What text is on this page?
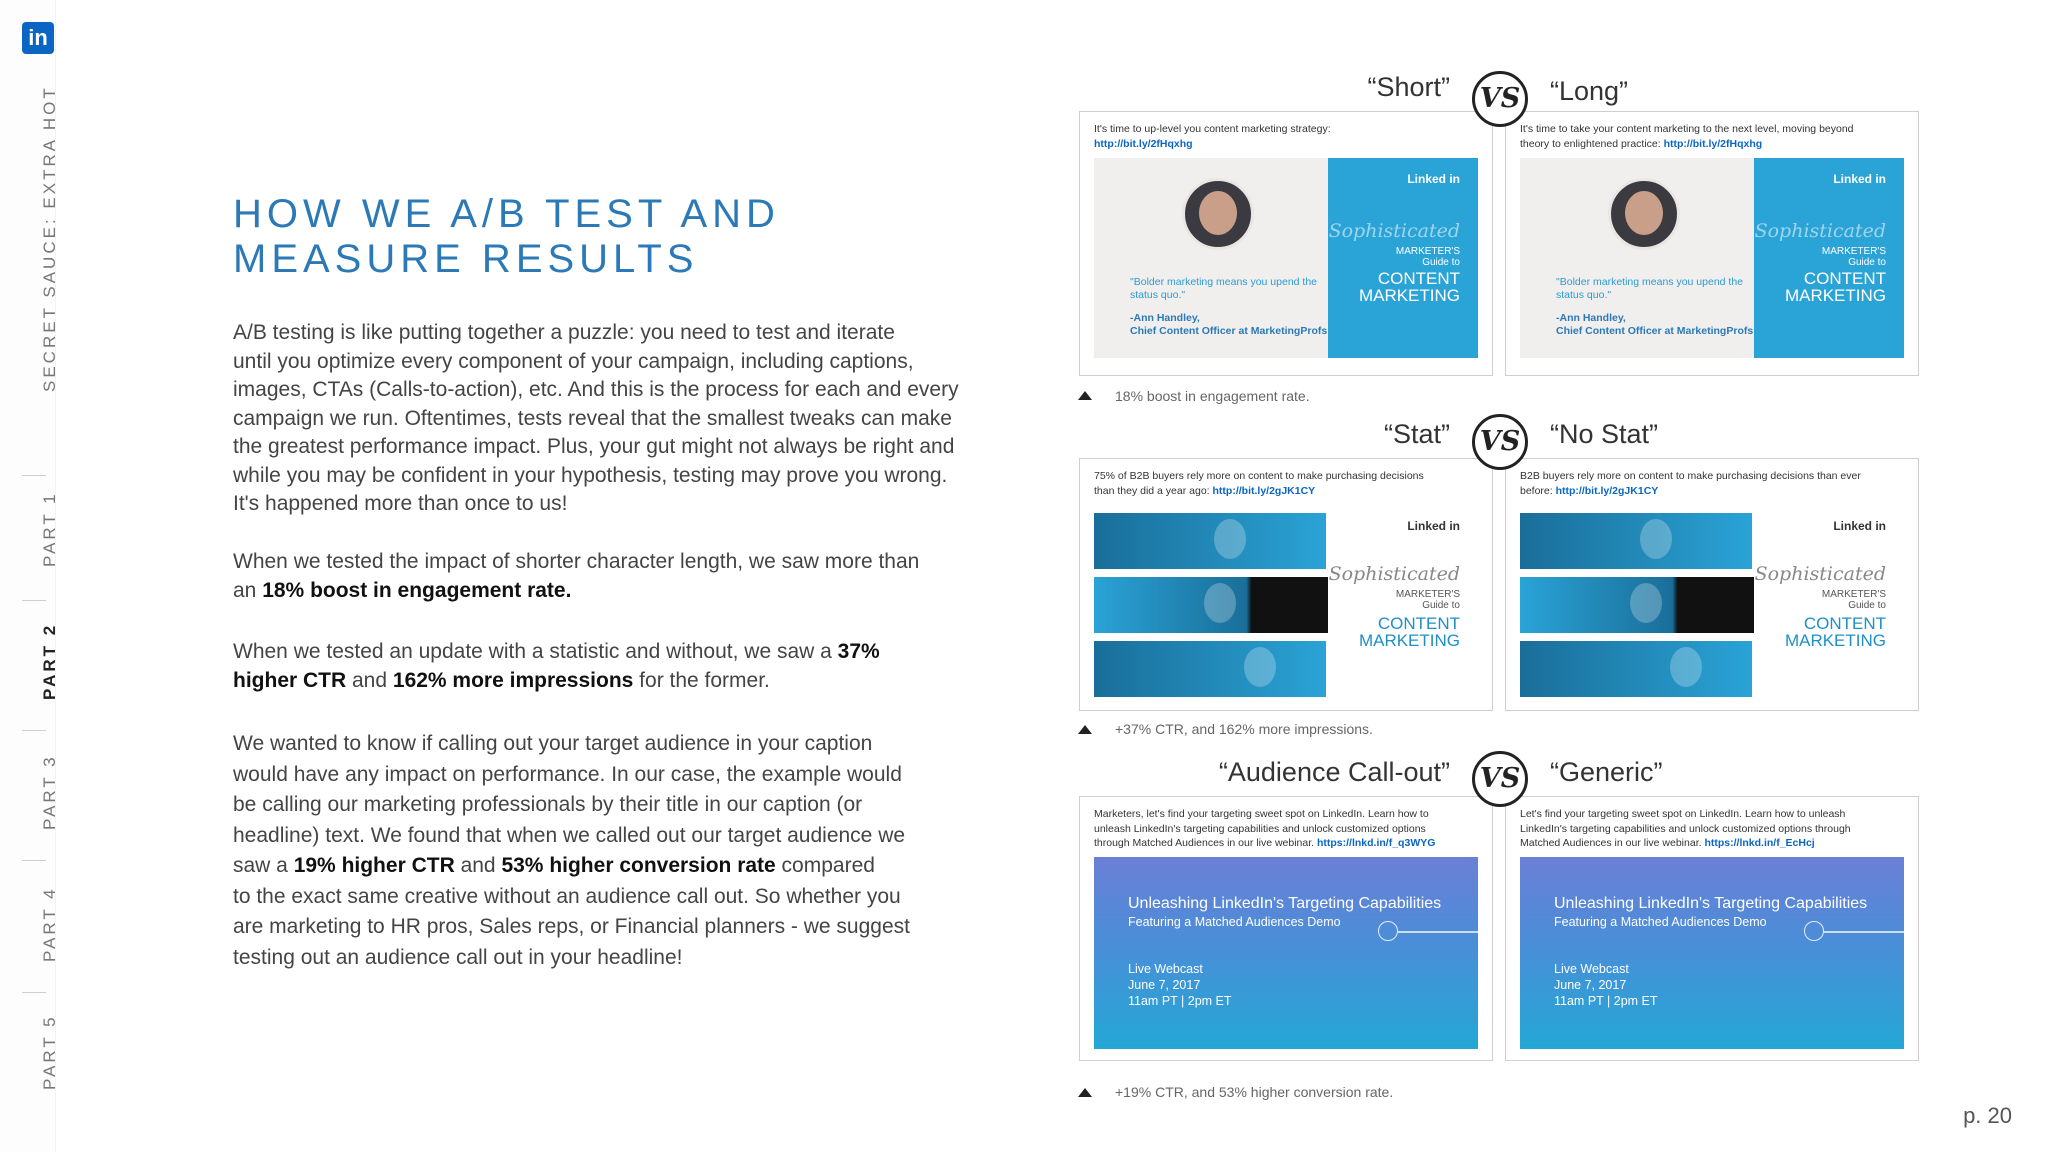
in
SECRET SAUCE: EXTRA HOT
PART 1
PART 2
PART 3
PART 4
PART 5
HOW WE A/B TEST AND
MEASURE RESULTS
A/B testing is like putting together a puzzle: you need to test and iterate
until you optimize every component of your campaign, including captions,
images, CTAs (Calls-to-action), etc. And this is the process for each and every
campaign we run. Oftentimes, tests reveal that the smallest tweaks can make
the greatest performance impact. Plus, your gut might not always be right and
while you may be confident in your hypothesis, testing may prove you wrong.
It's happened more than once to us!
When we tested the impact of shorter character length, we saw more than
an 18% boost in engagement rate.
When we tested an update with a statistic and without, we saw a 37%
higher CTR and 162% more impressions for the former.
We wanted to know if calling out your target audience in your caption
would have any impact on performance. In our case, the example would
be calling our marketing professionals by their title in our caption (or
headline) text. We found that when we called out our target audience we
saw a 19% higher CTR and 53% higher conversion rate compared
to the exact same creative without an audience call out. So whether you
are marketing to HR pros, Sales reps, or Financial planners - we suggest
testing out an audience call out in your headline!
“Short” VS “Long”
It's time to up-level you content marketing strategy:
http://bit.ly/2fHqxhg
"Bolder marketing means you upend the status quo."
-Ann Handley,
Chief Content Officer at MarketingProfs
Linked in
Sophisticated
MARKETER'S
Guide to
CONTENT
MARKETING
It's time to take your content marketing to the next level, moving beyond
theory to enlightened practice: http://bit.ly/2fHqxhg
"Bolder marketing means you upend the status quo."
-Ann Handley,
Chief Content Officer at MarketingProfs
Linked in
Sophisticated
MARKETER'S
Guide to
CONTENT
MARKETING
18% boost in engagement rate.
“Stat” VS “No Stat”
75% of B2B buyers rely more on content to make purchasing decisions
than they did a year ago: http://bit.ly/2gJK1CY
Linked in
Sophisticated
MARKETER'S
Guide to
CONTENT
MARKETING
B2B buyers rely more on content to make purchasing decisions than ever
before: http://bit.ly/2gJK1CY
Linked in
Sophisticated
MARKETER'S
Guide to
CONTENT
MARKETING
+37% CTR, and 162% more impressions.
“Audience Call-out” VS “Generic”
Marketers, let's find your targeting sweet spot on LinkedIn. Learn how to
unleash LinkedIn's targeting capabilities and unlock customized options
through Matched Audiences in our live webinar. https://lnkd.in/f_q3WYG
Unleashing LinkedIn's Targeting Capabilities
Featuring a Matched Audiences Demo
Live Webcast
June 7, 2017
11am PT | 2pm ET
Let's find your targeting sweet spot on LinkedIn. Learn how to unleash
LinkedIn's targeting capabilities and unlock customized options through
Matched Audiences in our live webinar. https://lnkd.in/f_EcHcj
Unleashing LinkedIn's Targeting Capabilities
Featuring a Matched Audiences Demo
Live Webcast
June 7, 2017
11am PT | 2pm ET
+19% CTR, and 53% higher conversion rate.
p. 20
